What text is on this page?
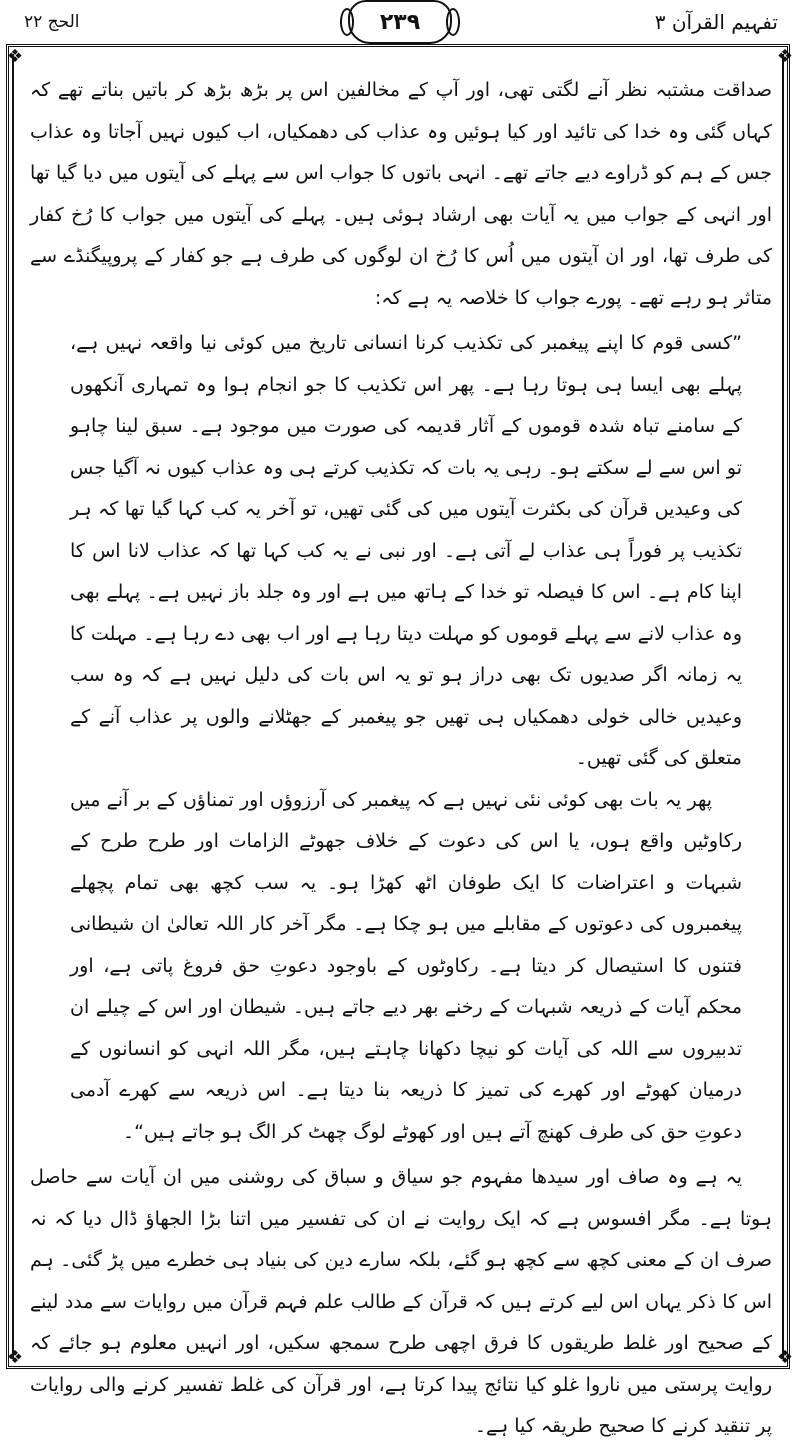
تفہیم القرآن ۳
۲۳۹
الحج ۲۲
❖	❖
❖	❖

صداقت مشتبہ نظر آنے لگتی تھی، اور آپ کے مخالفین اس پر بڑھ بڑھ کر باتیں بناتے تھے کہ کہاں گئی وہ خدا کی تائید اور کیا ہوئیں وہ عذاب کی دھمکیاں، اب کیوں نہیں آجاتا وہ عذاب جس کے ہم کو ڈراوے دیے جاتے تھے۔ انہی باتوں کا جواب اس سے پہلے کی آیتوں میں دیا گیا تھا اور انہی کے جواب میں یہ آیات بھی ارشاد ہوئی ہیں۔ پہلے کی آیتوں میں جواب کا رُخ کفار کی طرف تھا، اور ان آیتوں میں اُس کا رُخ ان لوگوں کی طرف ہے جو کفار کے پروپیگنڈے سے متاثر ہو رہے تھے۔ پورے جواب کا خلاصہ یہ ہے کہ:

”کسی قوم کا اپنے پیغمبر کی تکذیب کرنا انسانی تاریخ میں کوئی نیا واقعہ نہیں ہے، پہلے بھی ایسا ہی ہوتا رہا ہے۔ پھر اس تکذیب کا جو انجام ہوا وہ تمہاری آنکھوں کے سامنے تباہ شدہ قوموں کے آثار قدیمہ کی صورت میں موجود ہے۔ سبق لینا چاہو تو اس سے لے سکتے ہو۔ رہی یہ بات کہ تکذیب کرتے ہی وہ عذاب کیوں نہ آگیا جس کی وعیدیں قرآن کی بکثرت آیتوں میں کی گئی تھیں، تو آخر یہ کب کہا گیا تھا کہ ہر تکذیب پر فوراً ہی عذاب لے آتی ہے۔ اور نبی نے یہ کب کہا تھا کہ عذاب لانا اس کا اپنا کام ہے۔ اس کا فیصلہ تو خدا کے ہاتھ میں ہے اور وہ جلد باز نہیں ہے۔ پہلے بھی وہ عذاب لانے سے پہلے قوموں کو مہلت دیتا رہا ہے اور اب بھی دے رہا ہے۔ مہلت کا یہ زمانہ اگر صدیوں تک بھی دراز ہو تو یہ اس بات کی دلیل نہیں ہے کہ وہ سب وعیدیں خالی خولی دھمکیاں ہی تھیں جو پیغمبر کے جھٹلانے والوں پر عذاب آنے کے متعلق کی گئی تھیں۔

پھر یہ بات بھی کوئی نئی نہیں ہے کہ پیغمبر کی آرزوؤں اور تمناؤں کے بر آنے میں رکاوٹیں واقع ہوں، یا اس کی دعوت کے خلاف جھوٹے الزامات اور طرح طرح کے شبہات و اعتراضات کا ایک طوفان اٹھ کھڑا ہو۔ یہ سب کچھ بھی تمام پچھلے پیغمبروں کی دعوتوں کے مقابلے میں ہو چکا ہے۔ مگر آخر کار اللہ تعالیٰ ان شیطانی فتنوں کا استیصال کر دیتا ہے۔ رکاوٹوں کے باوجود دعوتِ حق فروغ پاتی ہے، اور محکم آیات کے ذریعہ شبہات کے رخنے بھر دیے جاتے ہیں۔ شیطان اور اس کے چیلے ان تدبیروں سے اللہ کی آیات کو نیچا دکھانا چاہتے ہیں، مگر اللہ انہی کو انسانوں کے درمیان کھوٹے اور کھرے کی تمیز کا ذریعہ بنا دیتا ہے۔ اس ذریعہ سے کھرے آدمی دعوتِ حق کی طرف کھنچ آتے ہیں اور کھوٹے لوگ چھٹ کر الگ ہو جاتے ہیں“۔

یہ ہے وہ صاف اور سیدھا مفہوم جو سیاق و سباق کی روشنی میں ان آیات سے حاصل ہوتا ہے۔ مگر افسوس ہے کہ ایک روایت نے ان کی تفسیر میں اتنا بڑا الجھاؤ ڈال دیا کہ نہ صرف ان کے معنی کچھ سے کچھ ہو گئے، بلکہ سارے دین کی بنیاد ہی خطرے میں پڑ گئی۔ ہم اس کا ذکر یہاں اس لیے کرتے ہیں کہ قرآن کے طالب علم فہم قرآن میں روایات سے مدد لینے کے صحیح اور غلط طریقوں کا فرق اچھی طرح سمجھ سکیں، اور انہیں معلوم ہو جائے کہ روایت پرستی میں ناروا غلو کیا نتائج پیدا کرتا ہے، اور قرآن کی غلط تفسیر کرنے والی روایات پر تنقید کرنے کا صحیح طریقہ کیا ہے۔
